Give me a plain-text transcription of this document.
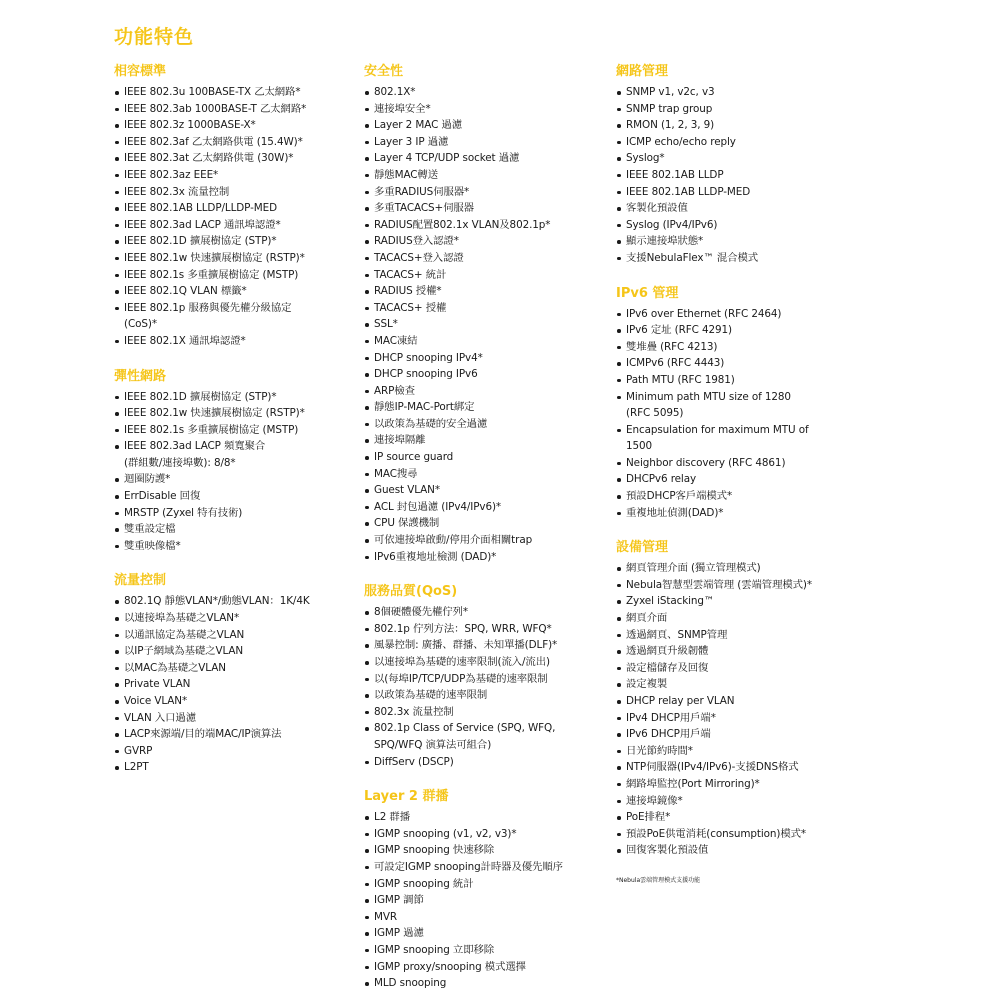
功能特色
相容標準
IEEE 802.3u 100BASE-TX 乙太網路*
IEEE 802.3ab 1000BASE-T 乙太網路*
IEEE 802.3z 1000BASE-X*
IEEE 802.3af 乙太網路供電 (15.4W)*
IEEE 802.3at 乙太網路供電 (30W)*
IEEE 802.3az EEE*
IEEE 802.3x 流量控制
IEEE 802.1AB LLDP/LLDP-MED
IEEE 802.3ad LACP 通訊埠認證*
IEEE 802.1D 擴展樹協定 (STP)*
IEEE 802.1w 快速擴展樹協定 (RSTP)*
IEEE 802.1s 多重擴展樹協定 (MSTP)
IEEE 802.1Q VLAN 標籤*
IEEE 802.1p 服務與優先權分級協定
(CoS)*
IEEE 802.1X 通訊埠認證*
彈性網路
IEEE 802.1D 擴展樹協定 (STP)*
IEEE 802.1w 快速擴展樹協定 (RSTP)*
IEEE 802.1s 多重擴展樹協定 (MSTP)
IEEE 802.3ad LACP 頻寬聚合
(群組數/連接埠數): 8/8*
迴圈防護*
ErrDisable 回復
MRSTP (Zyxel 特有技術)
雙重設定檔
雙重映像檔*
流量控制
802.1Q 靜態VLAN*/動態VLAN：1K/4K
以連接埠為基礎之VLAN*
以通訊協定為基礎之VLAN
以IP子網域為基礎之VLAN
以MAC為基礎之VLAN
Private VLAN
Voice VLAN*
VLAN 入口過濾
LACP來源端/目的端MAC/IP演算法
GVRP
L2PT
安全性
802.1X*
連接埠安全*
Layer 2 MAC 過濾
Layer 3 IP 過濾
Layer 4 TCP/UDP socket 過濾
靜態MAC轉送
多重RADIUS伺服器*
多重TACACS+伺服器
RADIUS配置802.1x VLAN及802.1p*
RADIUS登入認證*
TACACS+登入認證
TACACS+ 統計
RADIUS 授權*
TACACS+ 授權
SSL*
MAC凍結
DHCP snooping IPv4*
DHCP snooping IPv6
ARP檢查
靜態IP-MAC-Port綁定
以政策為基礎的安全過濾
連接埠隔離
IP source guard
MAC搜尋
Guest VLAN*
ACL 封包過濾 (IPv4/IPv6)*
CPU 保護機制
可依連接埠啟動/停用介面相關trap
IPv6重複地址檢測 (DAD)*
服務品質(QoS)
8個硬體優先權佇列*
802.1p 佇列方法：SPQ, WRR, WFQ*
風暴控制: 廣播、群播、未知單播(DLF)*
以連接埠為基礎的速率限制(流入/流出)
以(每埠IP/TCP/UDP為基礎的速率限制
以政策為基礎的速率限制
802.3x 流量控制
802.1p Class of Service (SPQ, WFQ,
SPQ/WFQ 演算法可組合)
DiffServ (DSCP)
Layer 2 群播
L2 群播
IGMP snooping (v1, v2, v3)*
IGMP snooping 快速移除
可設定IGMP snooping計時器及優先順序
IGMP snooping 統計
IGMP 調節
MVR
IGMP 過濾
IGMP snooping 立即移除
IGMP proxy/snooping 模式選擇
MLD snooping
網路管理
SNMP v1, v2c, v3
SNMP trap group
RMON (1, 2, 3, 9)
ICMP echo/echo reply
Syslog*
IEEE 802.1AB LLDP
IEEE 802.1AB LLDP-MED
客製化預設值
Syslog (IPv4/IPv6)
顯示連接埠狀態*
支援NebulaFlex™ 混合模式
IPv6 管理
IPv6 over Ethernet (RFC 2464)
IPv6 定址 (RFC 4291)
雙堆疊 (RFC 4213)
ICMPv6 (RFC 4443)
Path MTU (RFC 1981)
Minimum path MTU size of 1280
(RFC 5095)
Encapsulation for maximum MTU of
1500
Neighbor discovery (RFC 4861)
DHCPv6 relay
預設DHCP客戶端模式*
重複地址偵測(DAD)*
設備管理
網頁管理介面 (獨立管理模式)
Nebula智慧型雲端管理 (雲端管理模式)*
Zyxel iStacking™
網頁介面
透過網頁、SNMP管理
透過網頁升級韌體
設定檔儲存及回復
設定複製
DHCP relay per VLAN
IPv4 DHCP用戶端*
IPv6 DHCP用戶端
日光節約時間*
NTP伺服器(IPv4/IPv6)-支援DNS格式
網路埠監控(Port Mirroring)*
連接埠鏡像*
PoE排程*
預設PoE供電消耗(consumption)模式*
回復客製化預設值
*Nebula雲端管理模式支援功能
